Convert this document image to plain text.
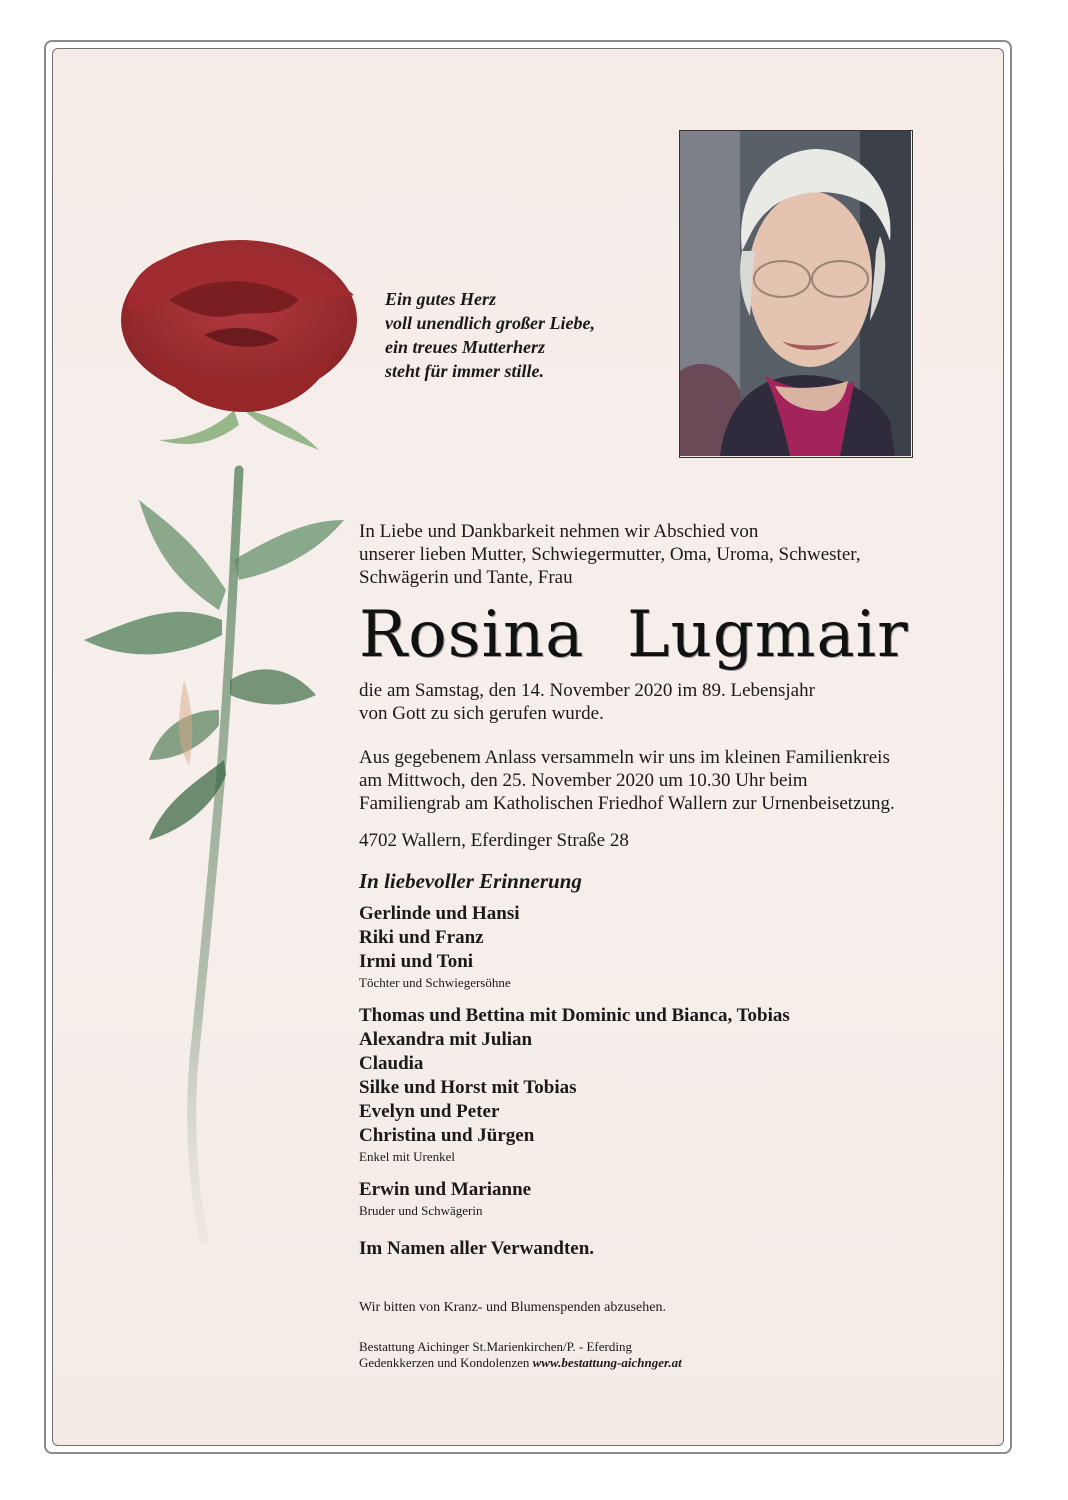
Ein gutes Herz
voll unendlich großer Liebe,
ein treues Mutterherz
steht für immer stille.
In Liebe und Dankbarkeit nehmen wir Abschied von
unserer lieben Mutter, Schwiegermutter, Oma, Uroma, Schwester,
Schwägerin und Tante, Frau
Rosina Lugmair
die am Samstag, den 14. November 2020 im 89. Lebensjahr
von Gott zu sich gerufen wurde.
Aus gegebenem Anlass versammeln wir uns im kleinen Familienkreis
am Mittwoch, den 25. November 2020 um 10.30 Uhr beim
Familiengrab am Katholischen Friedhof Wallern zur Urnenbeisetzung.
4702 Wallern, Eferdinger Straße 28
In liebevoller Erinnerung
Gerlinde und Hansi
Riki und Franz
Irmi und Toni
Töchter und Schwiegersöhne
Thomas und Bettina mit Dominic und Bianca, Tobias
Alexandra mit Julian
Claudia
Silke und Horst mit Tobias
Evelyn und Peter
Christina und Jürgen
Enkel mit Urenkel
Erwin und Marianne
Bruder und Schwägerin
Im Namen aller Verwandten.
Wir bitten von Kranz- und Blumenspenden abzusehen.
Bestattung Aichinger St.Marienkirchen/P. - Eferding
Gedenkkerzen und Kondolenzen www.bestattung-aichnger.at
